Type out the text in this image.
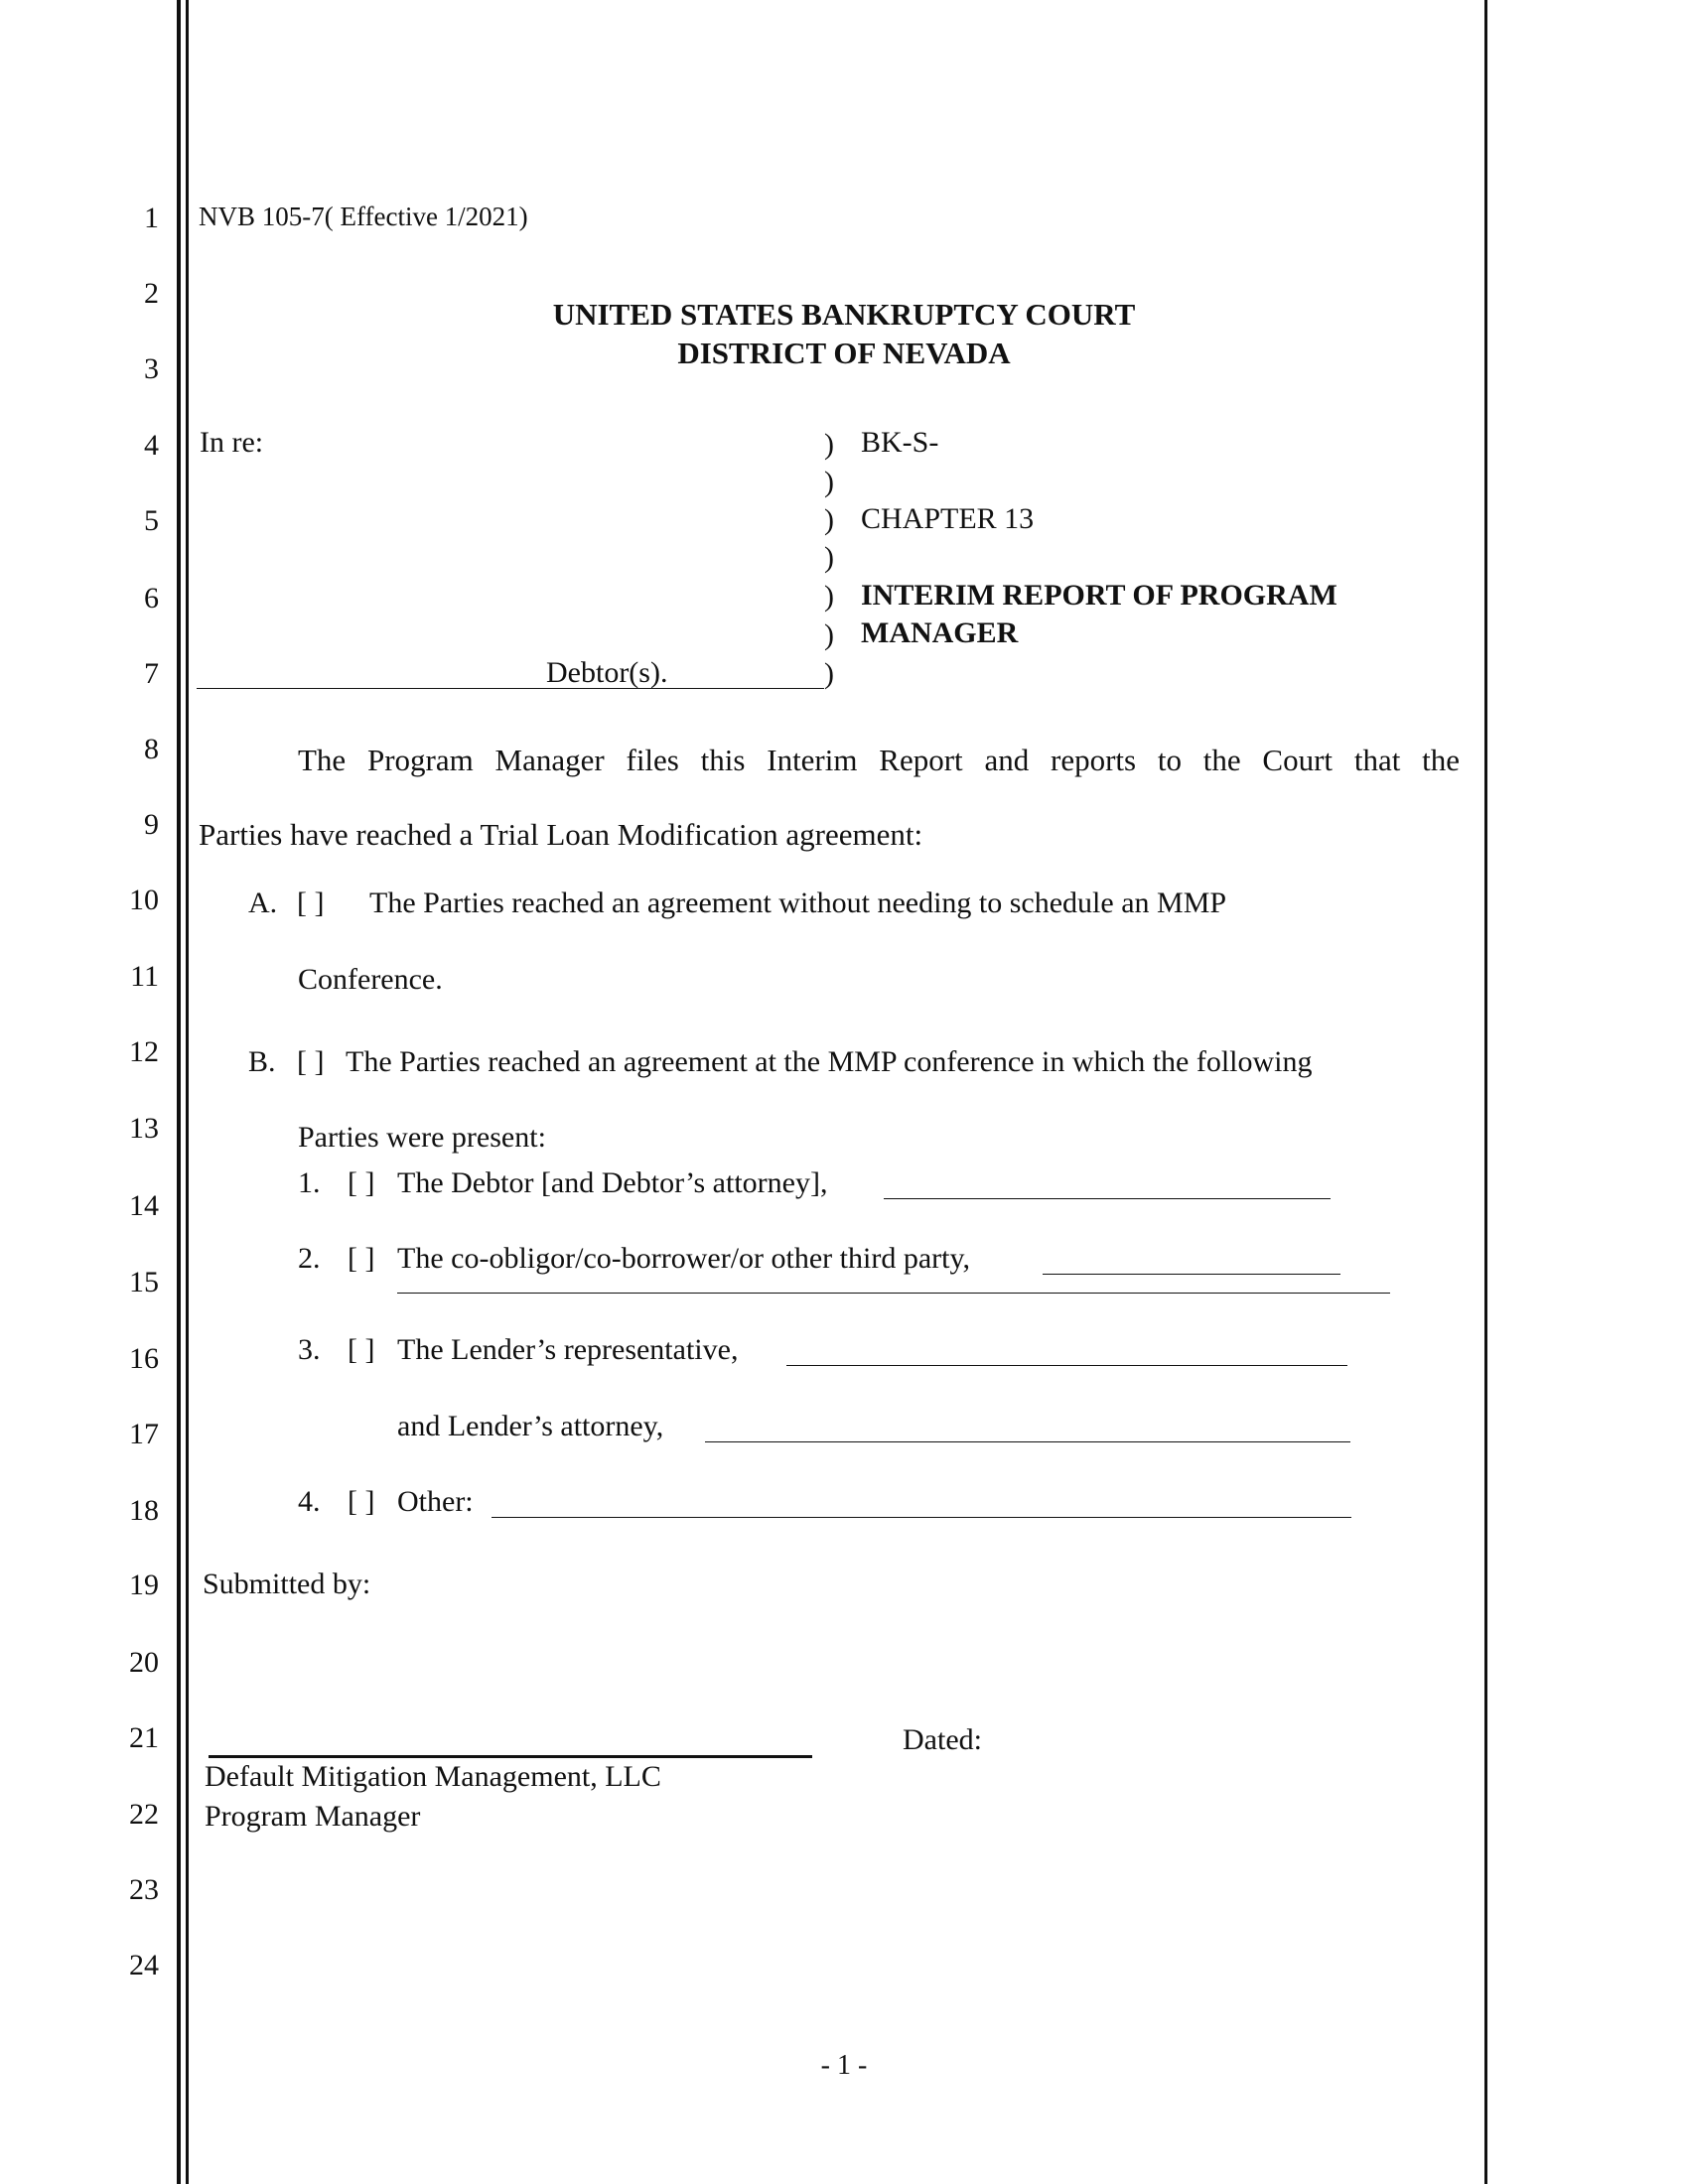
1
2
3
4
5
6
7
8
9
10
11
12
13
14
15
16
17
18
19
20
21
22
23
24
NVB 105-7( Effective 1/2021)
UNITED STATES BANKRUPTCY COURT
DISTRICT OF NEVADA
In re:
Debtor(s).
)
)
)
)
)
)
)
BK-S-
CHAPTER 13
INTERIM REPORT OF PROGRAM
MANAGER
The Program Manager files this Interim Report and reports to the Court that the
Parties have reached a Trial Loan Modification agreement:
A. [ ] The Parties reached an agreement without needing to schedule an MMP
Conference.
B. [ ] The Parties reached an agreement at the MMP conference in which the following
Parties were present:
1. [ ] The Debtor [and Debtor’s attorney],
2. [ ] The co-obligor/co-borrower/or other third party,
3. [ ] The Lender’s representative,
and Lender’s attorney,
4. [ ] Other:
Submitted by:
Dated:
Default Mitigation Management, LLC
Program Manager
- 1 -
